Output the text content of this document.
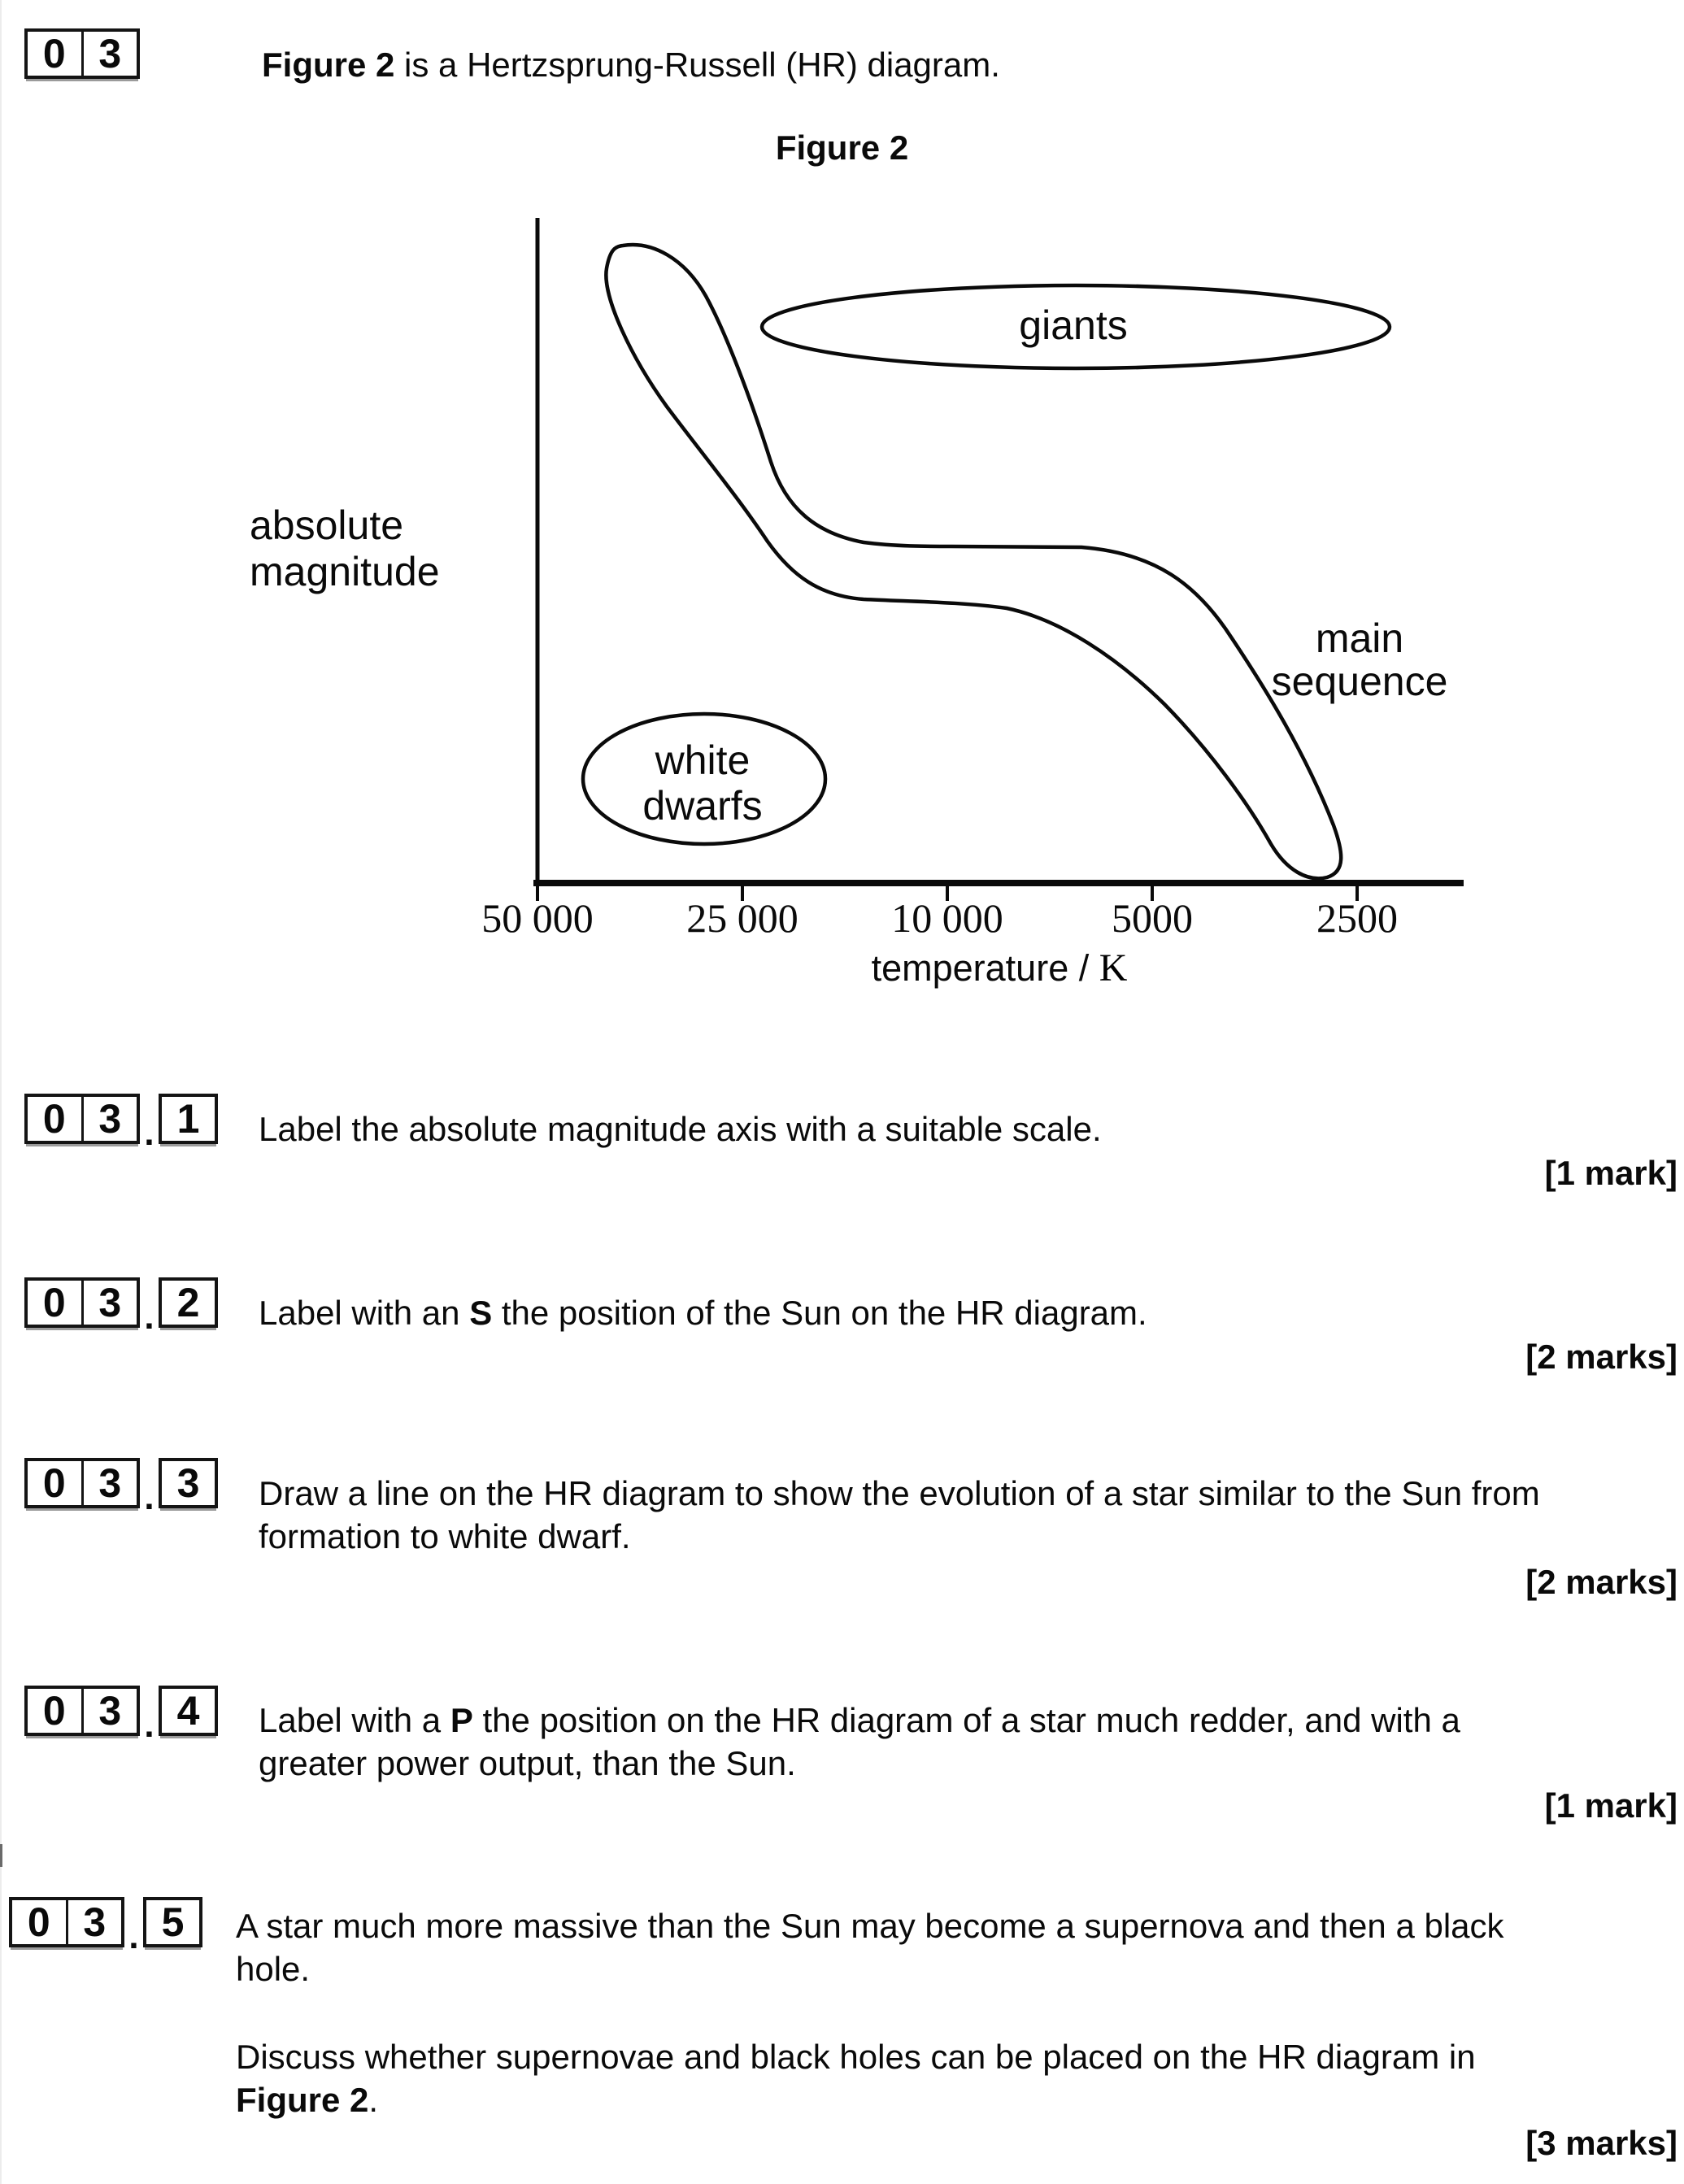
0 3	Figure 2 is a Hertzsprung-Russell (HR) diagram.
Figure 2
giants
white
dwarfs
main
sequence
absolute
magnitude
50 000 25 000 10 000	5000	2500
temperature / K
0 3 . 1	Label the absolute magnitude axis with a suitable scale.
[1 mark]
0 3 . 2	Label with an S the position of the Sun on the HR diagram.
[2 marks]
0 3 . 3	Draw a line on the HR diagram to show the evolution of a star similar to the Sun from
formation to white dwarf.
[2 marks]
0 3 . 4	Label with a P the position on the HR diagram of a star much redder, and with a
greater power output, than the Sun.
[1 mark]
0 3 . 5	A star much more massive than the Sun may become a supernova and then a black
hole.
Discuss whether supernovae and black holes can be placed on the HR diagram in
Figure 2.
[3 marks]
